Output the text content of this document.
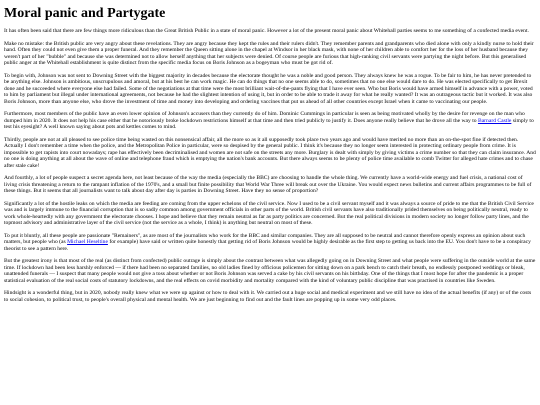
Moral panic and Partygate

It has often been said that there are few things more ridiculous than the Great British Public in a state of moral panic. However a lot of the present moral panic about Whitehall parties seems to me something of a confected media event.

Make no mistake: the British public are very angry about these revelations. They are angry because they kept the rules and their rulers didn't. They remember parents and grandparents who died alone with only a kindly nurse to hold their hand. Often they could not even give them a proper funeral. And they remember the Queen sitting alone in the chapel at Windsor in her black mask, with none of her children able to comfort her for the loss of her husband because they weren't part of her "bubble" and because she was determined not to allow herself anything that her subjects were denied. Of course people are furious that high-ranking civil servants were partying the night before. But this generalised public anger at the Whitehall establishment is quite distinct from the specific media focus on Boris Johnson as a bogeyman who must be got rid of.

To begin with, Johnson was not sent to Downing Street with the biggest majority in decades because the electorate thought he was a noble and good person. They always knew he was a rogue. To be fair to him, he has never pretended to be anything else. Johnson is ambitious, unscrupulous and amoral, but at his best he can work magic. He can do things that no one seems able to do, sometimes that no one else would dare to do. He was elected specifically to get Brexit done and he succeeded where everyone else had failed. Some of the negotiations at that time were the most brilliant wait-of-the-pants flying that I have ever seen. Who but Boris would have armed himself in advance with a power, voted to him by parliament but illegal under international agreements, not because he had the slightest intention of using it, but in order to be able to trade it away for what he really wanted? It was an outrageous tactic but it worked. It was also Boris Johnson, more than anyone else, who drove the investment of time and money into developing and ordering vaccines that put us ahead of all other countries except Israel when it came to vaccinating our people.

Furthermore, most members of the public have an even lower opinion of Johnson's accusers than they currently do of him. Dominic Cummings in particular is seen as being motivated wholly by the desire for revenge on the man who dumped him in 2020. It does not help his case either that he notoriously broke lockdown restrictions himself at that time and then tried publicly to justify it. Does anyone really believe that he drove all the way to Barnard Castle simply to test his eyesight? A well known saying about pots and kettles comes to mind.

Thirdly, people are not at all pleased to see police time being wasted on this nonsensical affair, all the more so as it all supposedly took place two years ago and would have merited no more than an on-the-spot fine if detected then. Actually I don't remember a time when the police, and the Metropolitan Police in particular, were so despised by the general public. I think it's because they no longer seem interested in protecting ordinary people from crime. It is impossible to get rapists into court nowadays; rape has effectively been decriminalised and women are not safe on the streets any more. Burglary is dealt with simply by giving victims a crime number so that they can claim insurance. And no one is doing anything at all about the wave of online and telephone fraud which is emptying the nation's bank accounts. But there always seems to be plenty of police time available to comb Twitter for alleged hate crimes and to chase after stale cake!

And fourthly, a lot of people suspect a secret agenda here, not least because of the way the media (especially the BBC) are choosing to handle the whole thing. We currently have a world-wide energy and fuel crisis, a national cost of living crisis threatening a return to the rampant inflation of the 1970's, and a small but finite possibility that World War Three will break out over the Ukraine. You would expect news bulletins and current affairs programmes to be full of these things. But it seems that all journalists want to talk about day after day is parties in Downing Street. Have they no sense of proportion?

Significantly a lot of the hostile leaks on which the media are feeding are coming from the upper echelons of the civil service. Now I used to be a civil servant myself and it was always a source of pride to me that the British Civil Service was and is largely immune to the financial corruption that is so sadly common among government officials in other parts of the world. British civil servants have also traditionally prided themselves on being politically neutral, ready to work whole-heartedly with any government the electorate chooses. I hope and believe that they remain neutral as far as party politics are concerned. But the real political divisions in modern society no longer follow party lines, and the topmost advisory and administrative layer of the civil service (not the service as a whole, I think) is anything but neutral on most of these.

To put it bluntly, all these people are passionate "Remainers", as are most of the journalists who work for the BBC and similar companies. They are all supposed to be neutral and cannot therefore openly express an opinion about such matters, but people who (as Michael Heseltine for example) have said or written quite honestly that getting rid of Boris Johnson would be highly desirable as the first step to getting us back into the EU. You don't have to be a conspiracy theorist to see a pattern here.

But the greatest irony is that most of the real (as distinct from confected) public outrage is simply about the contrast between what was allegedly going on in Downing Street and what people were suffering in the outside world at the same time. If lockdown had been less harshly enforced — if there had been no separated families, no old ladies fined by officious policemen for sitting down on a park bench to catch their breath, no endlessly postponed weddings or bleak, unattended funerals — I suspect that many people would not give a toss about whether or not Boris Johnson was served a cake by his civil servants on his birthday. One of the things that I most hope for after the pandemic is a proper statistical evaluation of the real social costs of statutory lockdowns, and the real effects on covid morbidity and mortality compared with the kind of voluntary public discipline that was practised in countries like Sweden.

Hindsight is a wonderful thing, but in 2020, nobody really knew what we were up against or how to deal with it. We carried out a huge social and medical experiment and we still have no idea of the actual benefits (if any) or of the costs to social cohesion, to political trust, to people's overall physical and mental health. We are just beginning to find out and the fault lines are popping up in some very odd places.
